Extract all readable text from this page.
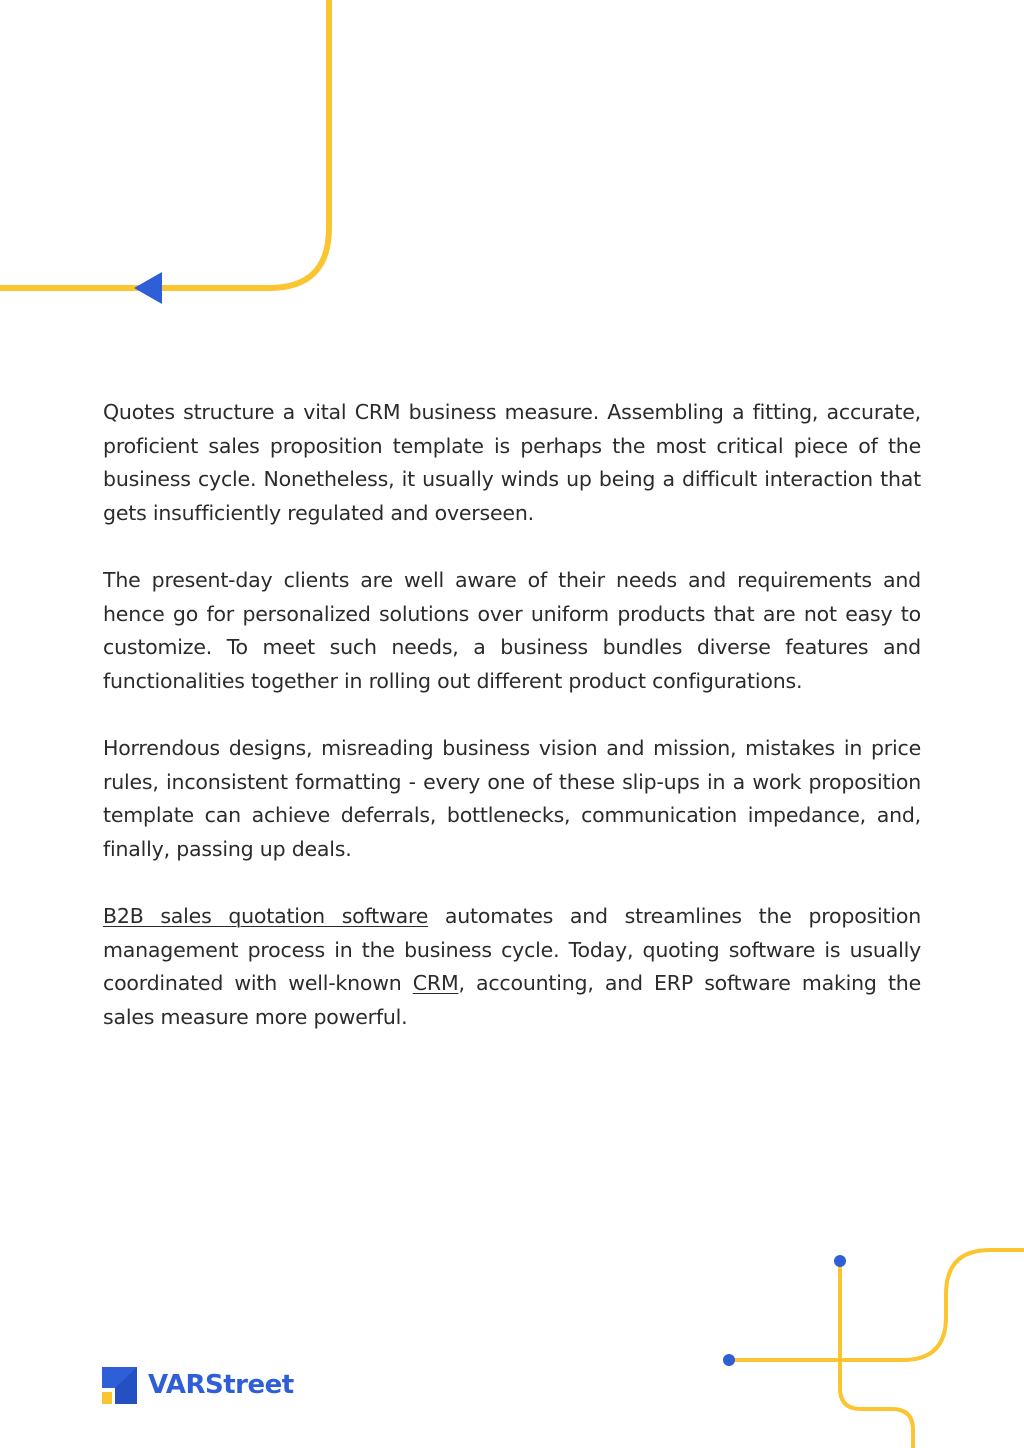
Quotes structure a vital CRM business measure. Assembling a fitting, accurate, proficient sales proposition template is perhaps the most critical piece of the business cycle. Nonetheless, it usually winds up being a difficult interaction that gets insufficiently regulated and overseen.

The present-day clients are well aware of their needs and requirements and hence go for personalized solutions over uniform products that are not easy to customize. To meet such needs, a business bundles diverse features and functionalities together in rolling out different product configurations.

Horrendous designs, misreading business vision and mission, mistakes in price rules, inconsistent formatting - every one of these slip-ups in a work proposition template can achieve deferrals, bottlenecks, communication impedance, and, finally, passing up deals.

B2B sales quotation software automates and streamlines the proposition management process in the business cycle. Today, quoting software is usually coordinated with well-known CRM, accounting, and ERP software making the sales measure more powerful.

VARStreet
